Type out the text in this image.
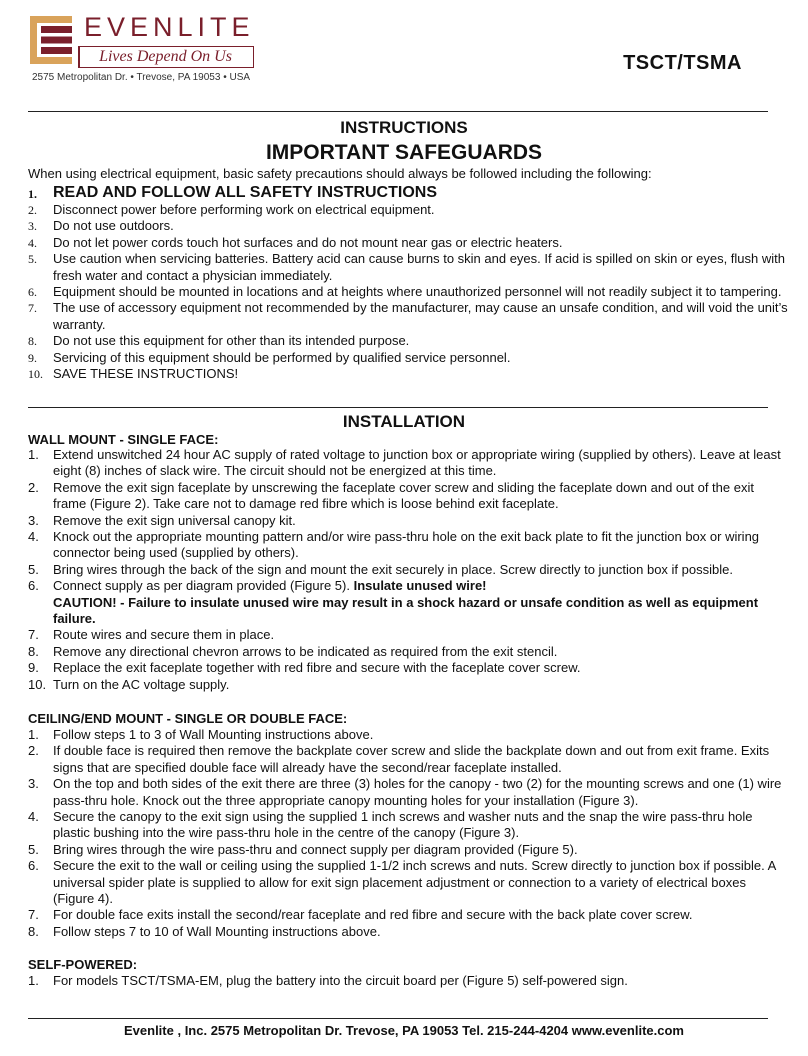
EVENLITE
Lives Depend On Us
2575 Metropolitan Dr. • Trevose, PA 19053 • USA
TSCT/TSMA
INSTRUCTIONS
IMPORTANT SAFEGUARDS
When using electrical equipment, basic safety precautions should always be followed including the following:
1. READ AND FOLLOW ALL SAFETY INSTRUCTIONS
2. Disconnect power before performing work on electrical equipment.
3. Do not use outdoors.
4. Do not let power cords touch hot surfaces and do not mount near gas or electric heaters.
5. Use caution when servicing batteries. Battery acid can cause burns to skin and eyes. If acid is spilled on skin or eyes, flush with fresh water and contact a physician immediately.
6. Equipment should be mounted in locations and at heights where unauthorized personnel will not readily subject it to tampering.
7. The use of accessory equipment not recommended by the manufacturer, may cause an unsafe condition, and will void the unit’s warranty.
8. Do not use this equipment for other than its intended purpose.
9. Servicing of this equipment should be performed by qualified service personnel.
10. SAVE THESE INSTRUCTIONS!
INSTALLATION
WALL MOUNT - SINGLE FACE:
1. Extend unswitched 24 hour AC supply of rated voltage to junction box or appropriate wiring (supplied by others). Leave at least eight (8) inches of slack wire. The circuit should not be energized at this time.
2. Remove the exit sign faceplate by unscrewing the faceplate cover screw and sliding the faceplate down and out of the exit frame (Figure 2). Take care not to damage red fibre which is loose behind exit faceplate.
3. Remove the exit sign universal canopy kit.
4. Knock out the appropriate mounting pattern and/or wire pass-thru hole on the exit back plate to fit the junction box or wiring connector being used (supplied by others).
5. Bring wires through the back of the sign and mount the exit securely in place. Screw directly to junction box if possible.
6. Connect supply as per diagram provided (Figure 5). Insulate unused wire!
CAUTION! - Failure to insulate unused wire may result in a shock hazard or unsafe condition as well as equipment failure.
7. Route wires and secure them in place.
8. Remove any directional chevron arrows to be indicated as required from the exit stencil.
9. Replace the exit faceplate together with red fibre and secure with the faceplate cover screw.
10. Turn on the AC voltage supply.
CEILING/END MOUNT - SINGLE OR DOUBLE FACE:
1. Follow steps 1 to 3 of Wall Mounting instructions above.
2. If double face is required then remove the backplate cover screw and slide the backplate down and out from exit frame. Exits signs that are specified double face will already have the second/rear faceplate installed.
3. On the top and both sides of the exit there are three (3) holes for the canopy - two (2) for the mounting screws and one (1) wire pass-thru hole. Knock out the three appropriate canopy mounting holes for your installation (Figure 3).
4. Secure the canopy to the exit sign using the supplied 1 inch screws and washer nuts and the snap the wire pass-thru hole plastic bushing into the wire pass-thru hole in the centre of the canopy (Figure 3).
5. Bring wires through the wire pass-thru and connect supply per diagram provided (Figure 5).
6. Secure the exit to the wall or ceiling using the supplied 1-1/2 inch screws and nuts. Screw directly to junction box if possible. A universal spider plate is supplied to allow for exit sign placement adjustment or connection to a variety of electrical boxes (Figure 4).
7. For double face exits install the second/rear faceplate and red fibre and secure with the back plate cover screw.
8. Follow steps 7 to 10 of Wall Mounting instructions above.
SELF-POWERED:
1. For models TSCT/TSMA-EM, plug the battery into the circuit board per (Figure 5) self-powered sign.
Evenlite , Inc. 2575 Metropolitan Dr. Trevose, PA 19053 Tel. 215-244-4204 www.evenlite.com
